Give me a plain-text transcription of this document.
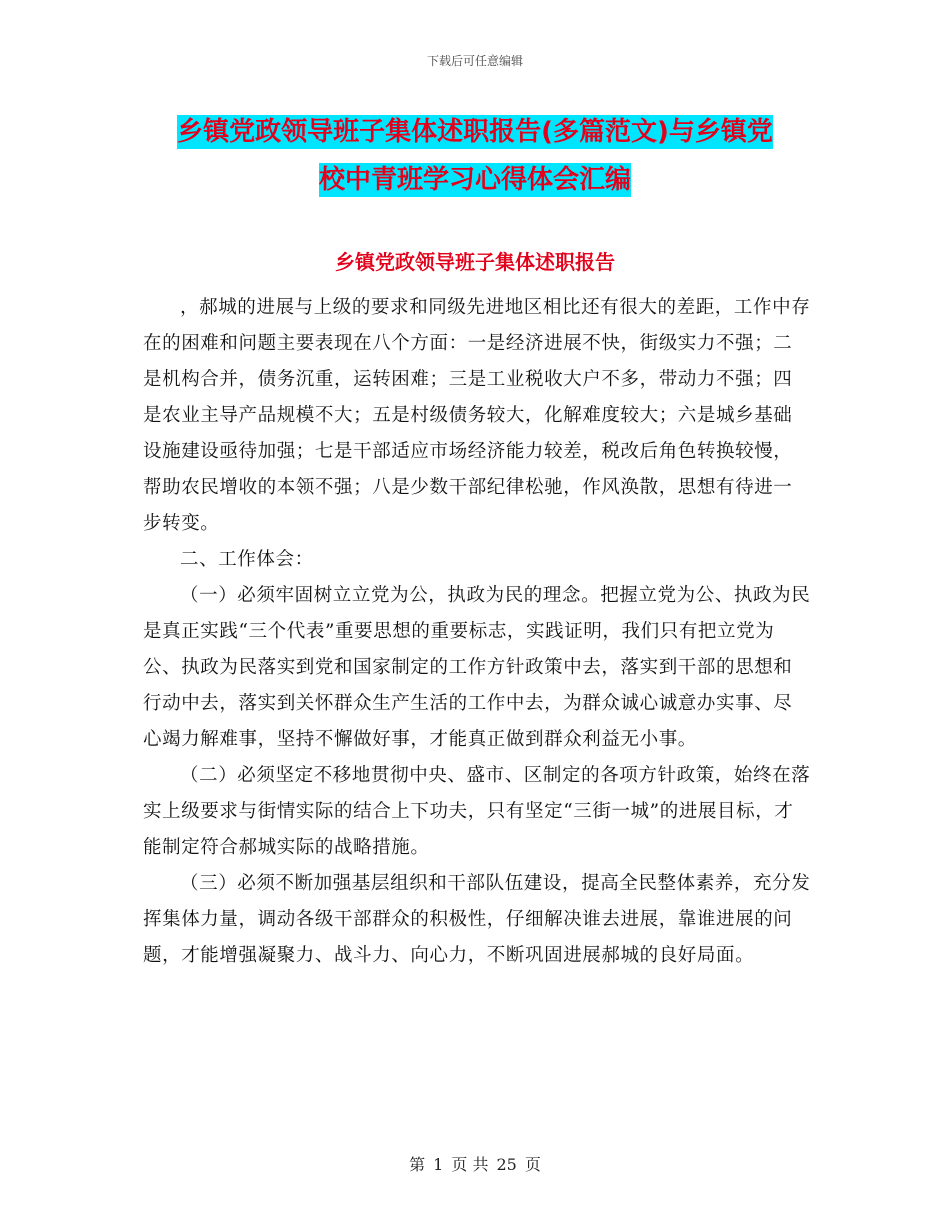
下载后可任意编辑
乡镇党政领导班子集体述职报告(多篇范文)与乡镇党
校中青班学习心得体会汇编
乡镇党政领导班子集体述职报告

，郝城的进展与上级的要求和同级先进地区相比还有很大的差距，工作中存在的困难和问题主要表现在八个方面：一是经济进展不快，街级实力不强；二是机构合并，债务沉重，运转困难；三是工业税收大户不多，带动力不强；四是农业主导产品规模不大；五是村级债务较大，化解难度较大；六是城乡基础设施建设亟待加强；七是干部适应市场经济能力较差，税改后角色转换较慢，帮助农民增收的本领不强；八是少数干部纪律松驰，作风涣散，思想有待进一步转变。

二、工作体会：

（一）必须牢固树立立党为公，执政为民的理念。把握立党为公、执政为民是真正实践“三个代表”重要思想的重要标志，实践证明，我们只有把立党为公、执政为民落实到党和国家制定的工作方针政策中去，落实到干部的思想和行动中去，落实到关怀群众生产生活的工作中去，为群众诚心诚意办实事、尽心竭力解难事，坚持不懈做好事，才能真正做到群众利益无小事。

（二）必须坚定不移地贯彻中央、盛市、区制定的各项方针政策，始终在落实上级要求与街情实际的结合上下功夫，只有坚定“三街一城”的进展目标，才能制定符合郝城实际的战略措施。

（三）必须不断加强基层组织和干部队伍建设，提高全民整体素养，充分发挥集体力量，调动各级干部群众的积极性，仔细解决谁去进展，靠谁进展的问题，才能增强凝聚力、战斗力、向心力，不断巩固进展郝城的良好局面。

第 1 页 共 25 页
